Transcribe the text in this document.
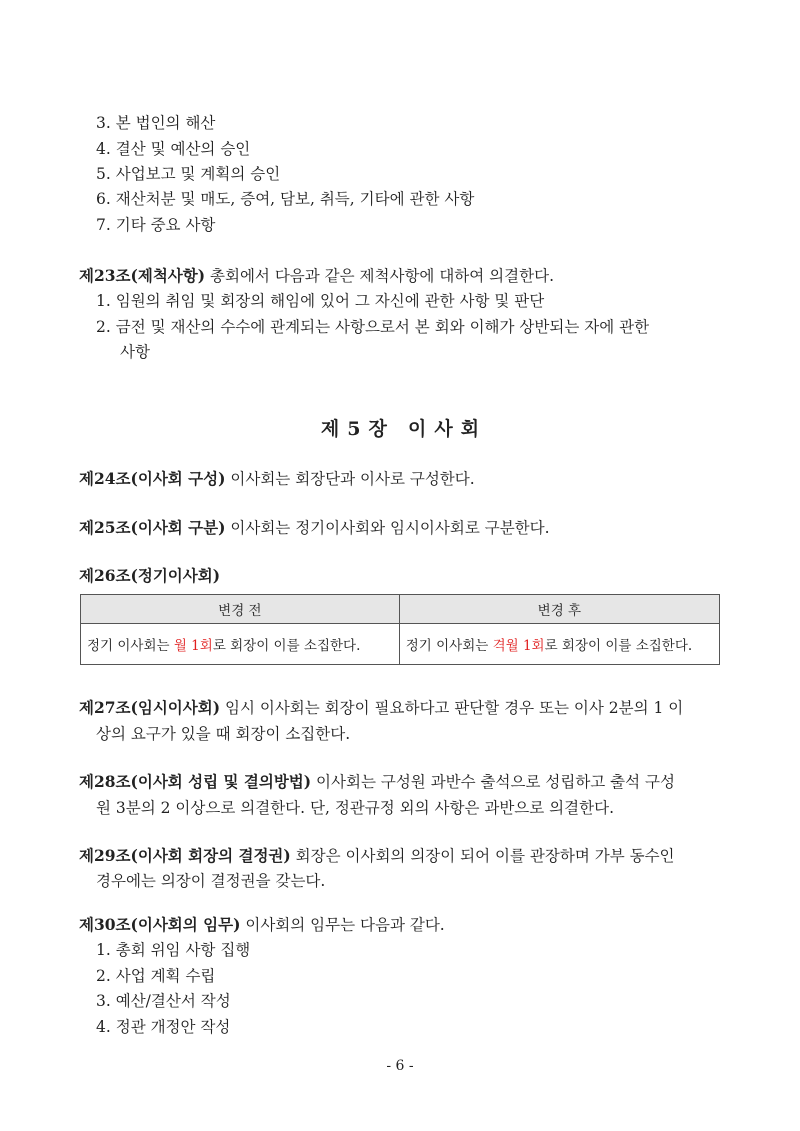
3. 본 법인의 해산
4. 결산 및 예산의 승인
5. 사업보고 및 계획의 승인
6. 재산처분 및 매도, 증여, 담보, 취득, 기타에 관한 사항
7. 기타 중요 사항
제23조(제척사항) 총회에서 다음과 같은 제척사항에 대하여 의결한다.
1. 임원의 취임 및 회장의 해임에 있어 그 자신에 관한 사항 및 판단
2. 금전 및 재산의 수수에 관계되는 사항으로서 본 회와 이해가 상반되는 자에 관한
사항
제 5 장 이 사 회
제24조(이사회 구성) 이사회는 회장단과 이사로 구성한다.
제25조(이사회 구분) 이사회는 정기이사회와 임시이사회로 구분한다.
제26조(정기이사회)
변경 전	변경 후
정기 이사회는 월 1회로 회장이 이를 소집한다.	정기 이사회는 격월 1회로 회장이 이를 소집한다.
제27조(임시이사회) 임시 이사회는 회장이 필요하다고 판단할 경우 또는 이사 2분의 1 이
상의 요구가 있을 때 회장이 소집한다.
제28조(이사회 성립 및 결의방법) 이사회는 구성원 과반수 출석으로 성립하고 출석 구성
원 3분의 2 이상으로 의결한다. 단, 정관규정 외의 사항은 과반으로 의결한다.
제29조(이사회 회장의 결정권) 회장은 이사회의 의장이 되어 이를 관장하며 가부 동수인
경우에는 의장이 결정권을 갖는다.
제30조(이사회의 임무) 이사회의 임무는 다음과 같다.
1. 총회 위임 사항 집행
2. 사업 계획 수립
3. 예산/결산서 작성
4. 정관 개정안 작성
- 6 -
